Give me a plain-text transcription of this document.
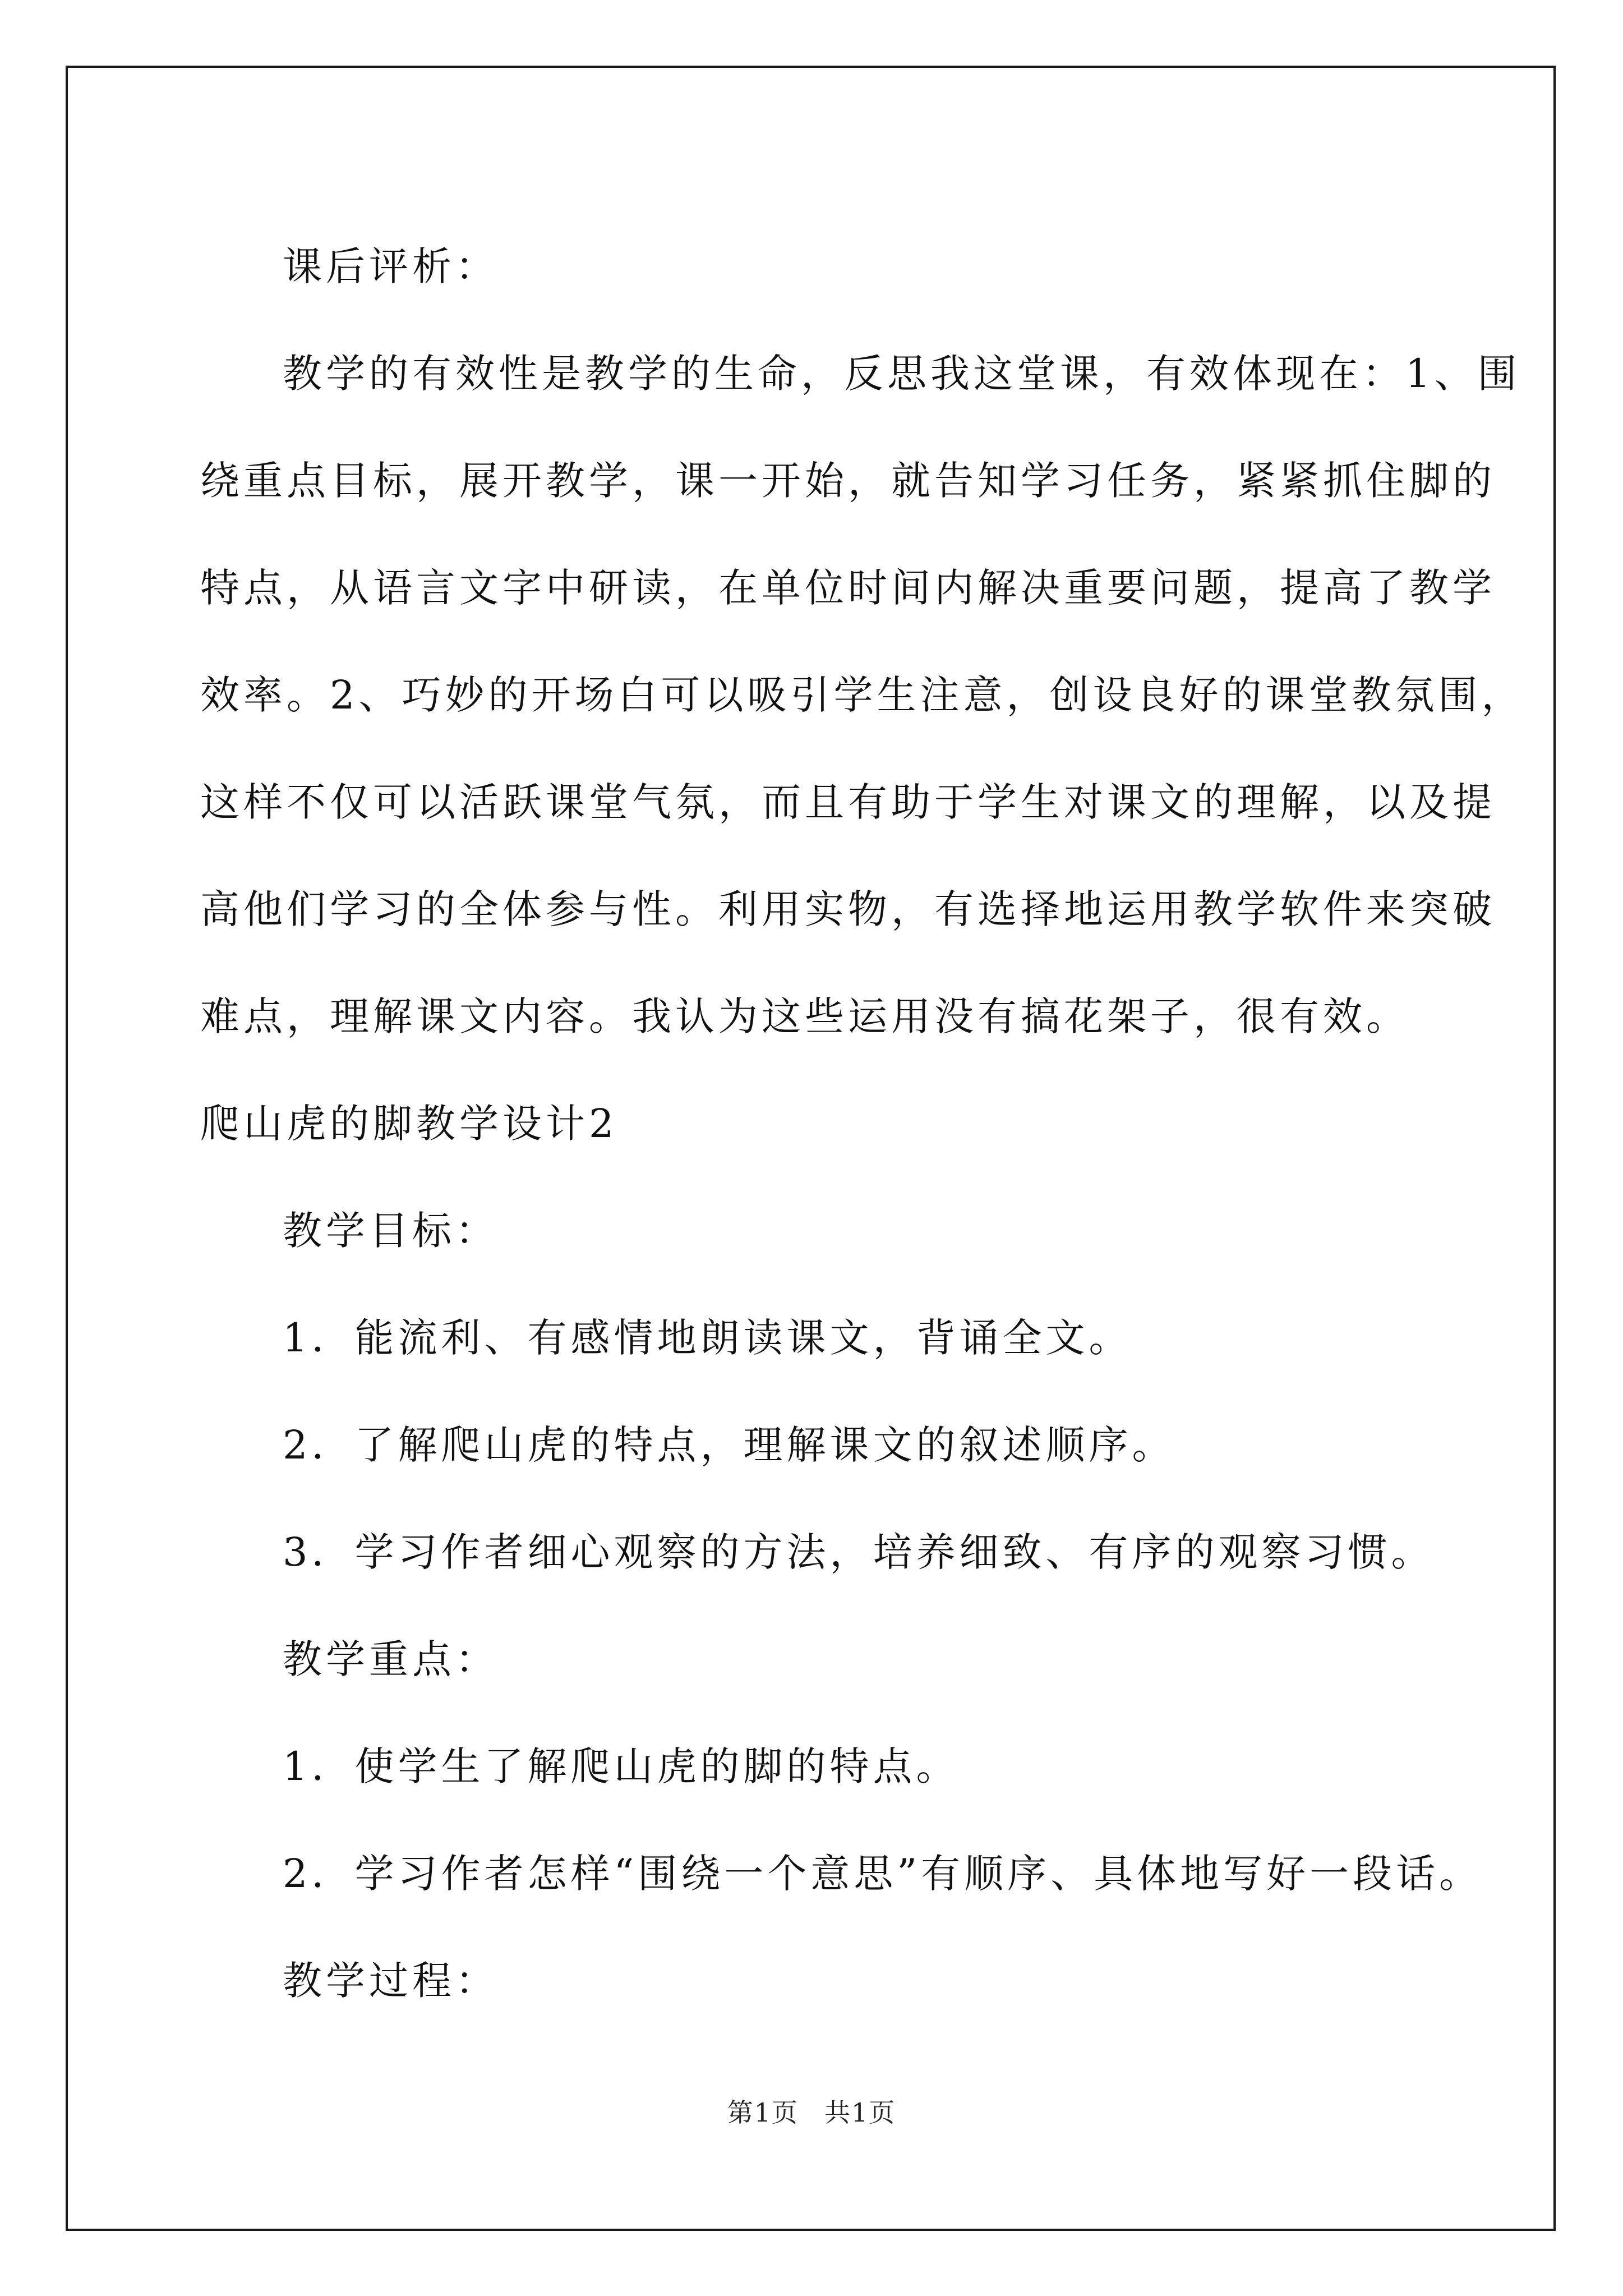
课后评析：
教学的有效性是教学的生命，反思我这堂课，有效体现在：1、围
绕重点目标，展开教学，课一开始，就告知学习任务，紧紧抓住脚的
特点，从语言文字中研读，在单位时间内解决重要问题，提高了教学
效率。2、巧妙的开场白可以吸引学生注意，创设良好的课堂教氛围，
这样不仅可以活跃课堂气氛，而且有助于学生对课文的理解，以及提
高他们学习的全体参与性。利用实物，有选择地运用教学软件来突破
难点，理解课文内容。我认为这些运用没有搞花架子，很有效。
爬山虎的脚教学设计2
教学目标：
1．能流利、有感情地朗读课文，背诵全文。
2．了解爬山虎的特点，理解课文的叙述顺序。
3．学习作者细心观察的方法，培养细致、有序的观察习惯。
教学重点：
1．使学生了解爬山虎的脚的特点。
2．学习作者怎样“围绕一个意思”有顺序、具体地写好一段话。
教学过程：
第1页 共1页
